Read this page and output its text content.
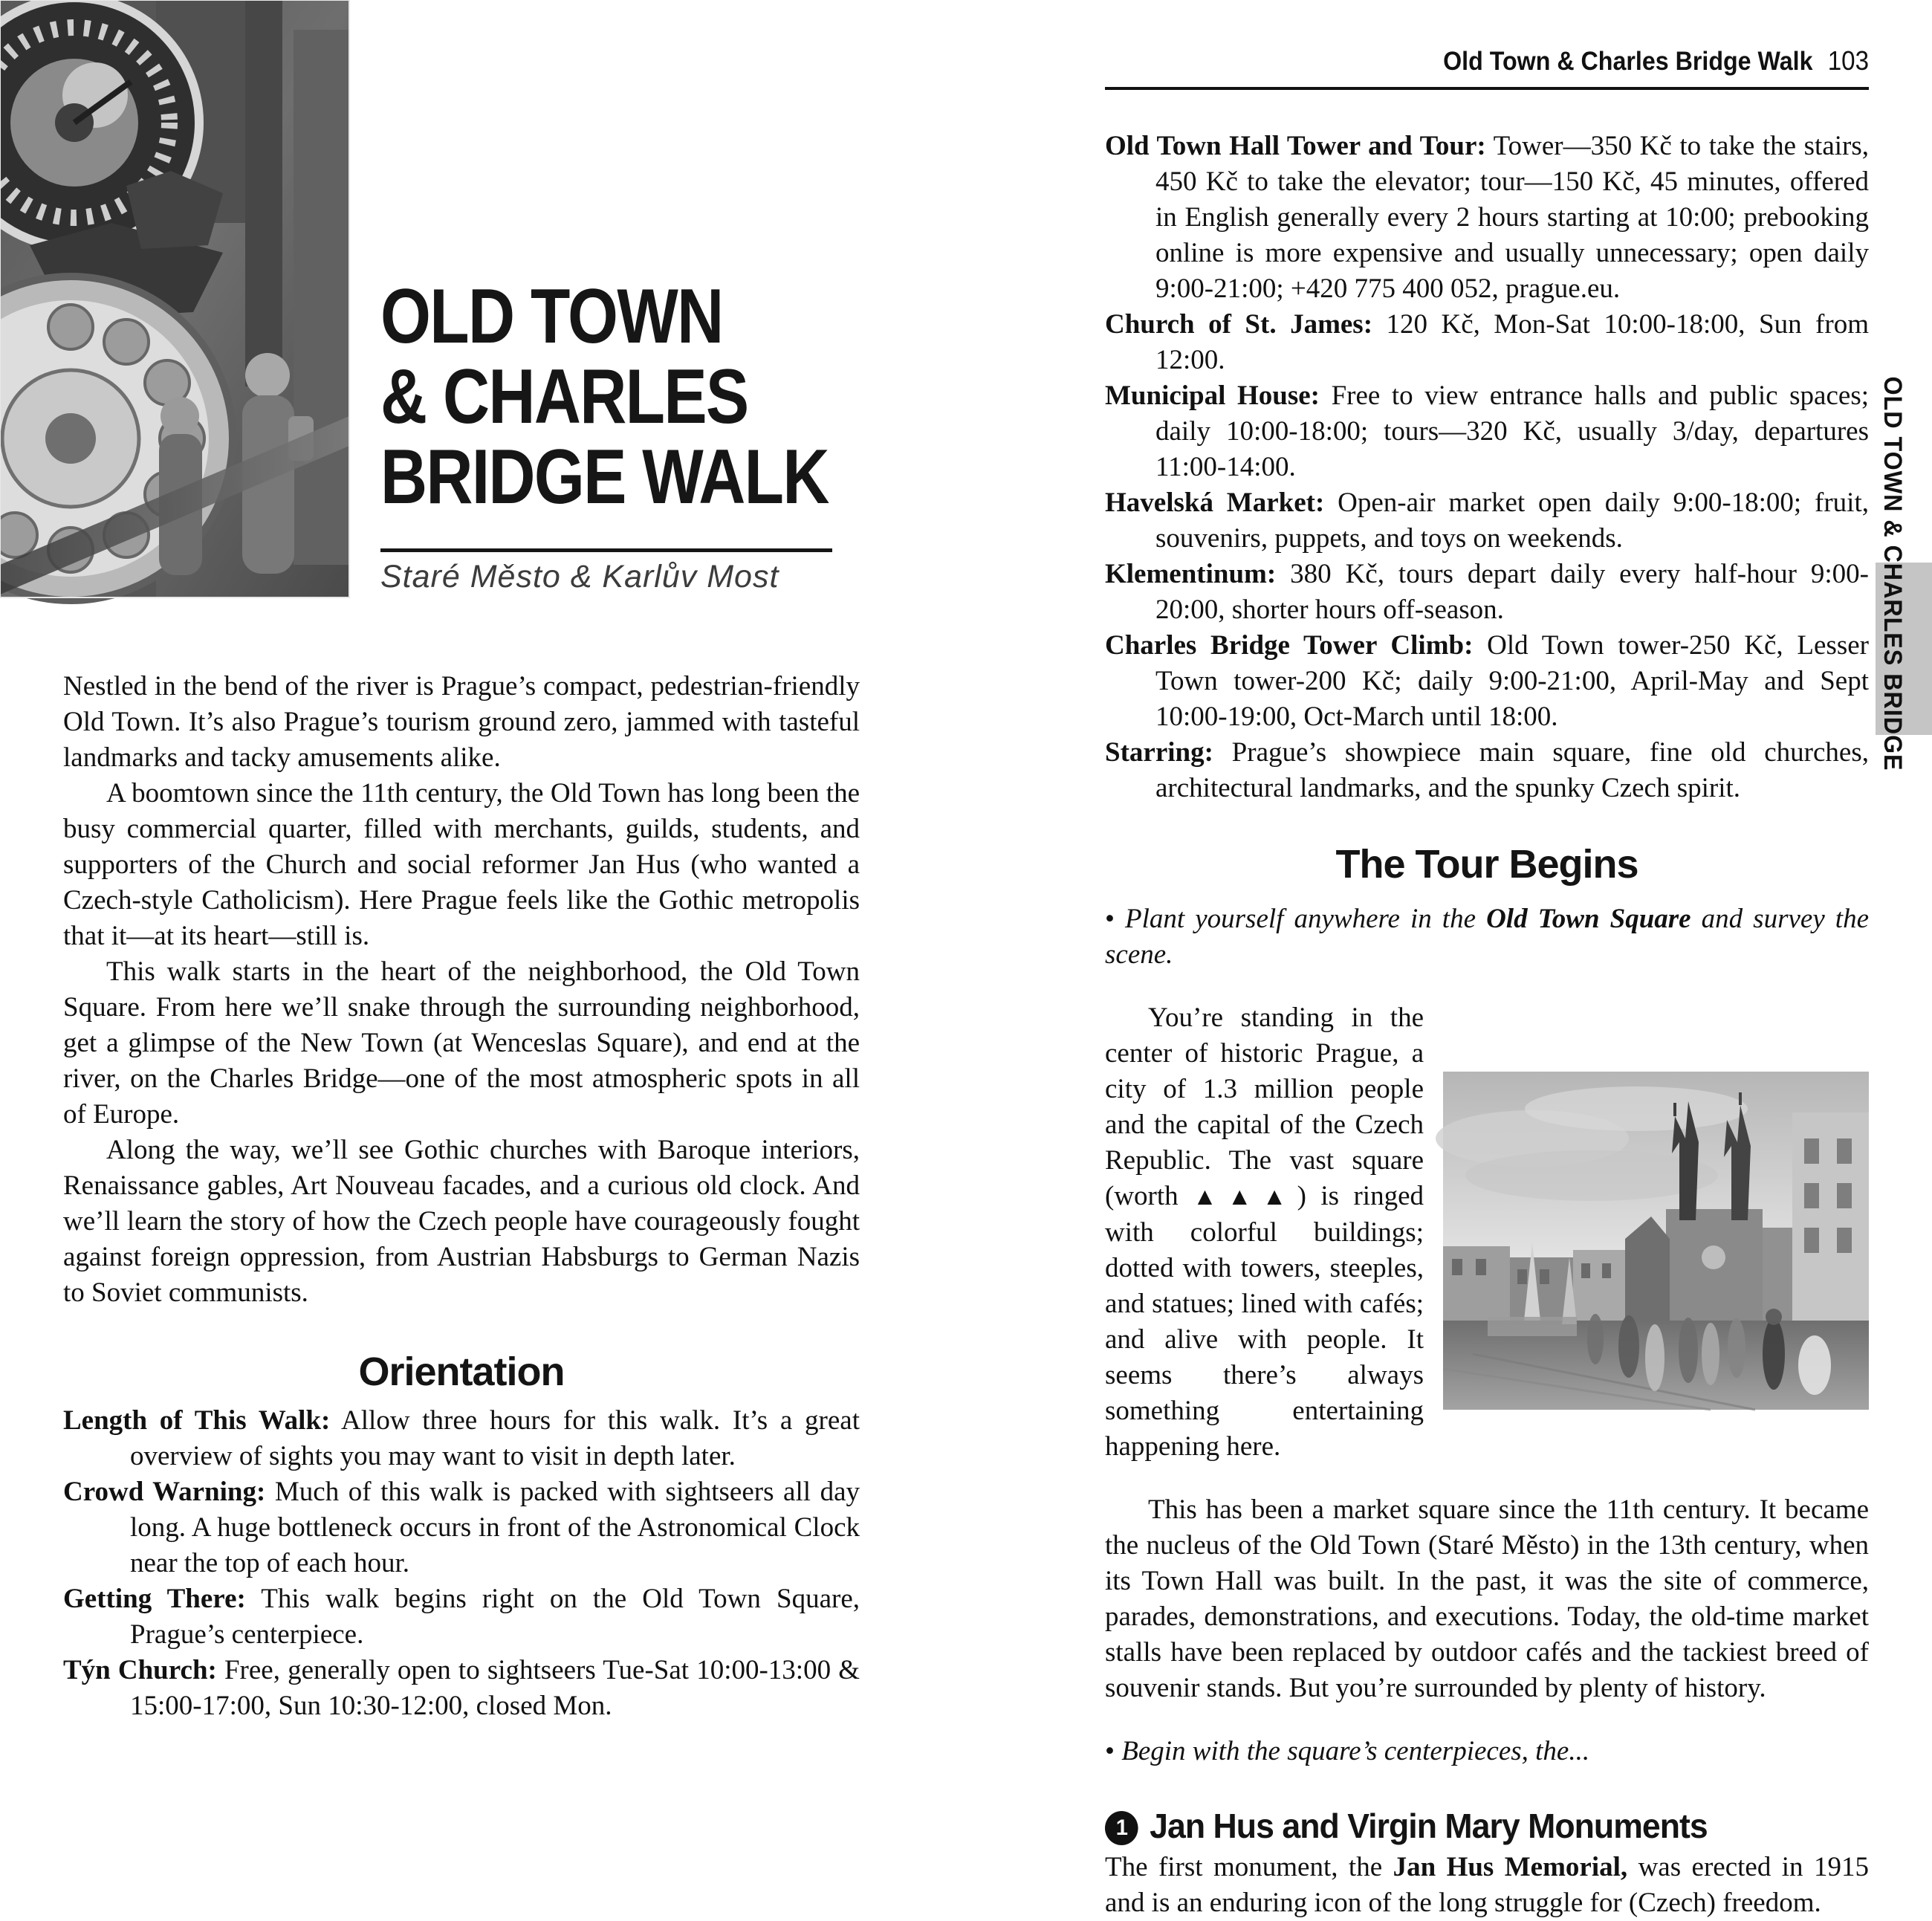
OLD TOWN
& CHARLES
BRIDGE WALK
Staré Město & Karlův Most

Nestled in the bend of the river is Prague’s compact, pedestrian-friendly Old Town. It’s also Prague’s tourism ground zero, jammed with tasteful landmarks and tacky amusements alike.

A boomtown since the 11th century, the Old Town has long been the busy commercial quarter, filled with merchants, guilds, students, and supporters of the Church and social reformer Jan Hus (who wanted a Czech-style Catholicism). Here Prague feels like the Gothic metropolis that it—at its heart—still is.

This walk starts in the heart of the neighborhood, the Old Town Square. From here we’ll snake through the surrounding neighborhood, get a glimpse of the New Town (at Wenceslas Square), and end at the river, on the Charles Bridge—one of the most atmospheric spots in all of Europe.

Along the way, we’ll see Gothic churches with Baroque interiors, Renaissance gables, Art Nouveau facades, and a curious old clock. And we’ll learn the story of how the Czech people have courageously fought against foreign oppression, from Austrian Habsburgs to German Nazis to Soviet communists.

Orientation

Length of This Walk: Allow three hours for this walk. It’s a great overview of sights you may want to visit in depth later.

Crowd Warning: Much of this walk is packed with sightseers all day long. A huge bottleneck occurs in front of the Astronomical Clock near the top of each hour.

Getting There: This walk begins right on the Old Town Square, Prague’s centerpiece.

Týn Church: Free, generally open to sightseers Tue-Sat 10:00-13:00 & 15:00-17:00, Sun 10:30-12:00, closed Mon.

Old Town & Charles Bridge Walk 103

Old Town Hall Tower and Tour: Tower—350 Kč to take the stairs, 450 Kč to take the elevator; tour—150 Kč, 45 minutes, offered in English generally every 2 hours starting at 10:00; prebooking online is more expensive and usually unnecessary; open daily 9:00-21:00; +420 775 400 052, prague.eu.

Church of St. James: 120 Kč, Mon-Sat 10:00-18:00, Sun from 12:00.

Municipal House: Free to view entrance halls and public spaces; daily 10:00-18:00; tours—320 Kč, usually 3/day, departures 11:00-14:00.

Havelská Market: Open-air market open daily 9:00-18:00; fruit, souvenirs, puppets, and toys on weekends.

Klementinum: 380 Kč, tours depart daily every half-hour 9:00-20:00, shorter hours off-season.

Charles Bridge Tower Climb: Old Town tower-250 Kč, Lesser Town tower-200 Kč; daily 9:00-21:00, April-May and Sept 10:00-19:00, Oct-March until 18:00.

Starring: Prague’s showpiece main square, fine old churches, architectural landmarks, and the spunky Czech spirit.

The Tour Begins

• Plant yourself anywhere in the Old Town Square and survey the scene.

You’re standing in the center of historic Prague, a city of 1.3 million people and the capital of the Czech Republic. The vast square (worth ▲▲▲) is ringed with colorful buildings; dotted with towers, steeples, and statues; lined with cafés; and alive with people. It seems there’s always something entertaining happening here.

This has been a market square since the 11th century. It became the nucleus of the Old Town (Staré Město) in the 13th century, when its Town Hall was built. In the past, it was the site of commerce, parades, demonstrations, and executions. Today, the old-time market stalls have been replaced by outdoor cafés and the tackiest breed of souvenir stands. But you’re surrounded by plenty of history.

• Begin with the square’s centerpieces, the...

1 Jan Hus and Virgin Mary Monuments

The first monument, the Jan Hus Memorial, was erected in 1915 and is an enduring icon of the long struggle for (Czech) freedom.

OLD TOWN & CHARLES BRIDGE
